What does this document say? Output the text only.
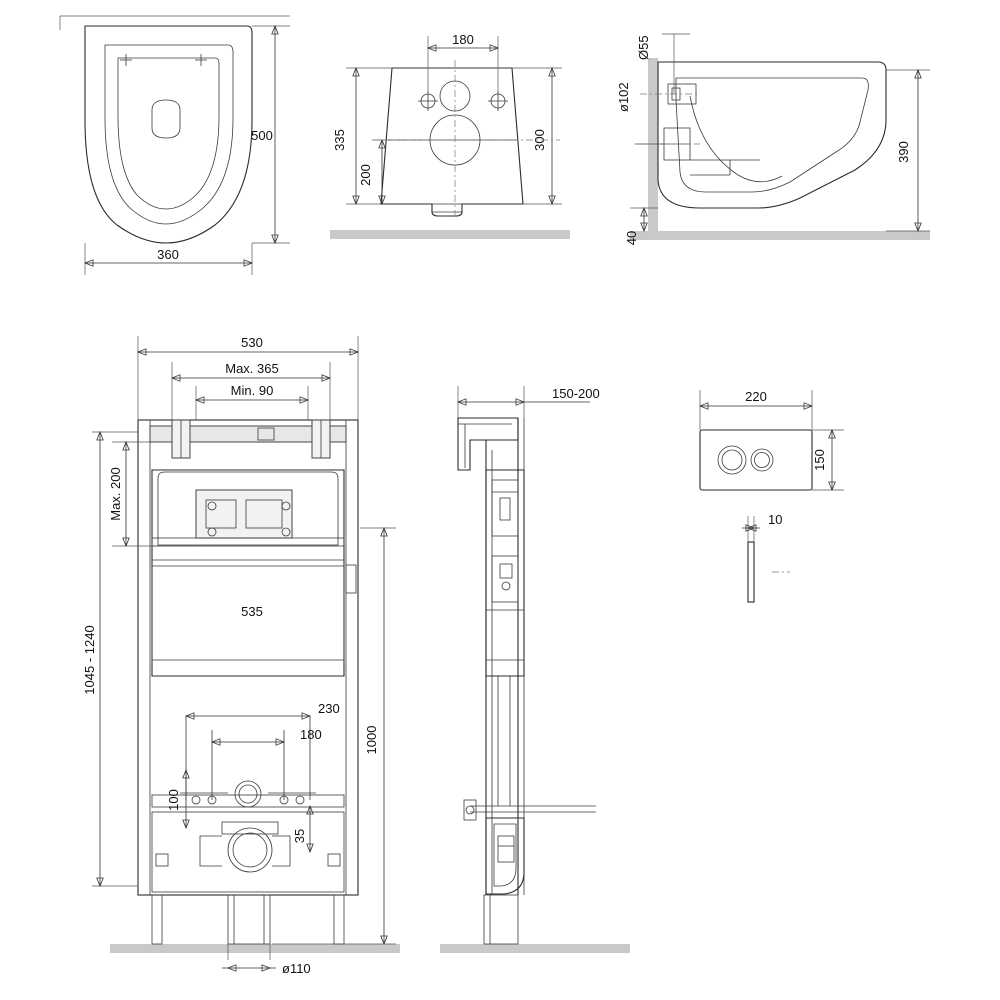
500
360
180
335
200
300
Ø55
ø102
390
40
530
Max. 365
Min. 90
Max. 200
1045 - 1240
535
230
180
100
35
1000
ø110
150-200	220
150
10
